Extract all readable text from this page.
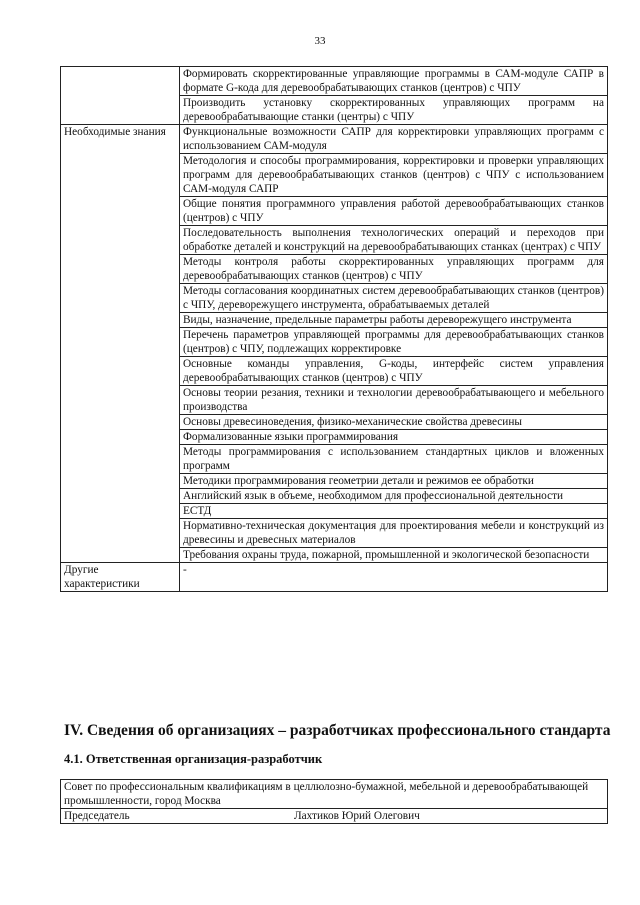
33
	Формировать скорректированные управляющие программы в САМ-модуле САПР в формате G-кода для деревообрабатывающих станков (центров) с ЧПУ
	Производить установку скорректированных управляющих программ на деревообрабатывающие станки (центры) с ЧПУ
Необходимые знания	Функциональные возможности САПР для корректировки управляющих программ с использованием САМ-модуля
	Методология и способы программирования, корректировки и проверки управляющих программ для деревообрабатывающих станков (центров) с ЧПУ с использованием САМ-модуля САПР
	Общие понятия программного управления работой деревообрабатывающих станков (центров) с ЧПУ
	Последовательность выполнения технологических операций и переходов при обработке деталей и конструкций на деревообрабатывающих станках (центрах) с ЧПУ
	Методы контроля работы скорректированных управляющих программ для деревообрабатывающих станков (центров) с ЧПУ
	Методы согласования координатных систем деревообрабатывающих станков (центров) с ЧПУ, дереворежущего инструмента, обрабатываемых деталей
	Виды, назначение, предельные параметры работы дереворежущего инструмента
	Перечень параметров управляющей программы для деревообрабатывающих станков (центров) с ЧПУ, подлежащих корректировке
	Основные команды управления, G-коды, интерфейс систем управления деревообрабатывающих станков (центров) с ЧПУ
	Основы теории резания, техники и технологии деревообрабатывающего и мебельного производства
	Основы древесиноведения, физико-механические свойства древесины
	Формализованные языки программирования
	Методы программирования с использованием стандартных циклов и вложенных программ
	Методики программирования геометрии детали и режимов ее обработки
	Английский язык в объеме, необходимом для профессиональной деятельности
	ЕСТД
	Нормативно-техническая документация для проектирования мебели и конструкций из древесины и древесных материалов
	Требования охраны труда, пожарной, промышленной и экологической безопасности
Другие характеристики	-
IV. Сведения об организациях – разработчиках профессионального стандарта
4.1. Ответственная организация-разработчик
Совет по профессиональным квалификациям в целлюлозно-бумажной, мебельной и деревообрабатывающей промышленности, город Москва
Председатель	Лахтиков Юрий Олегович
